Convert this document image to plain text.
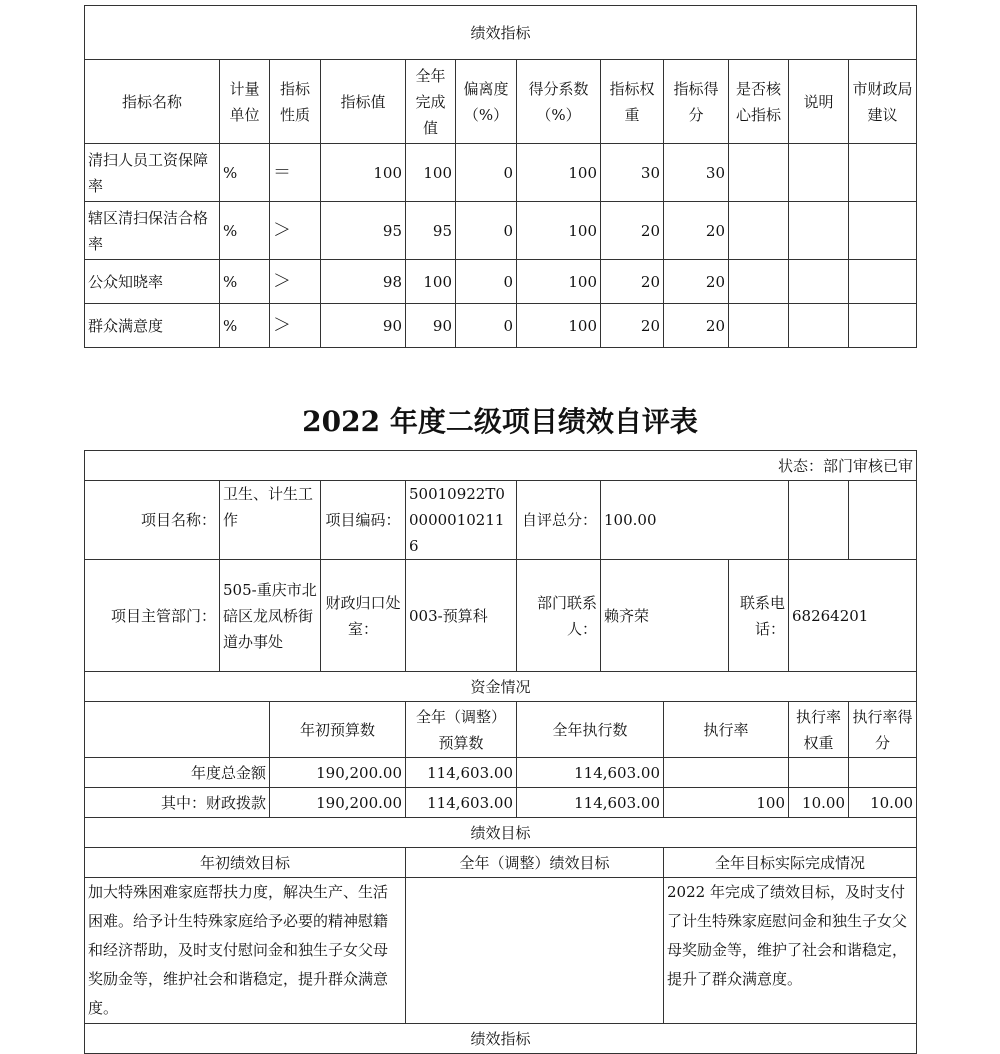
绩效指标											
指标名称	计量单位	指标性质	指标值	全年完成值	偏离度（%）	得分系数（%）	指标权重	指标得分	是否核心指标	说明	市财政局建议
清扫人员工资保障率	%	＝	100	100	0	100	30	30			
辖区清扫保洁合格率	%	＞	95	95	0	100	20	20			
公众知晓率	%	＞	98	100	0	100	20	20			
群众满意度	%	＞	90	90	0	100	20	20			
2022 年度二级项目绩效自评表
状态：部门审核已审										
项目名称：	卫生、计生工作		项目编码：	50010922T000000102116	自评总分：	100.00				
项目主管部门：	505-重庆市北碚区龙凤桥街道办事处		财政归口处室：	003-预算科	部门联系人：	赖齐荣		联系电话：	68264201	
资金情况										
		年初预算数		全年（调整）预算数	全年执行数		执行率		执行率权重	执行率得分
年度总金额		190,200.00		114,603.00	114,603.00					
其中：财政拨款		190,200.00		114,603.00	114,603.00		100		10.00	10.00
绩效目标										
年初绩效目标				全年（调整）绩效目标			全年目标实际完成情况			
加大特殊困难家庭帮扶力度，解决生产、生活困难。给予计生特殊家庭给予必要的精神慰籍和经济帮助，及时支付慰问金和独生子女父母奖励金等，维护社会和谐稳定，提升群众满意度。							2022 年完成了绩效目标，及时支付了计生特殊家庭慰问金和独生子女父母奖励金等，维护了社会和谐稳定，提升了群众满意度。			
绩效指标										
